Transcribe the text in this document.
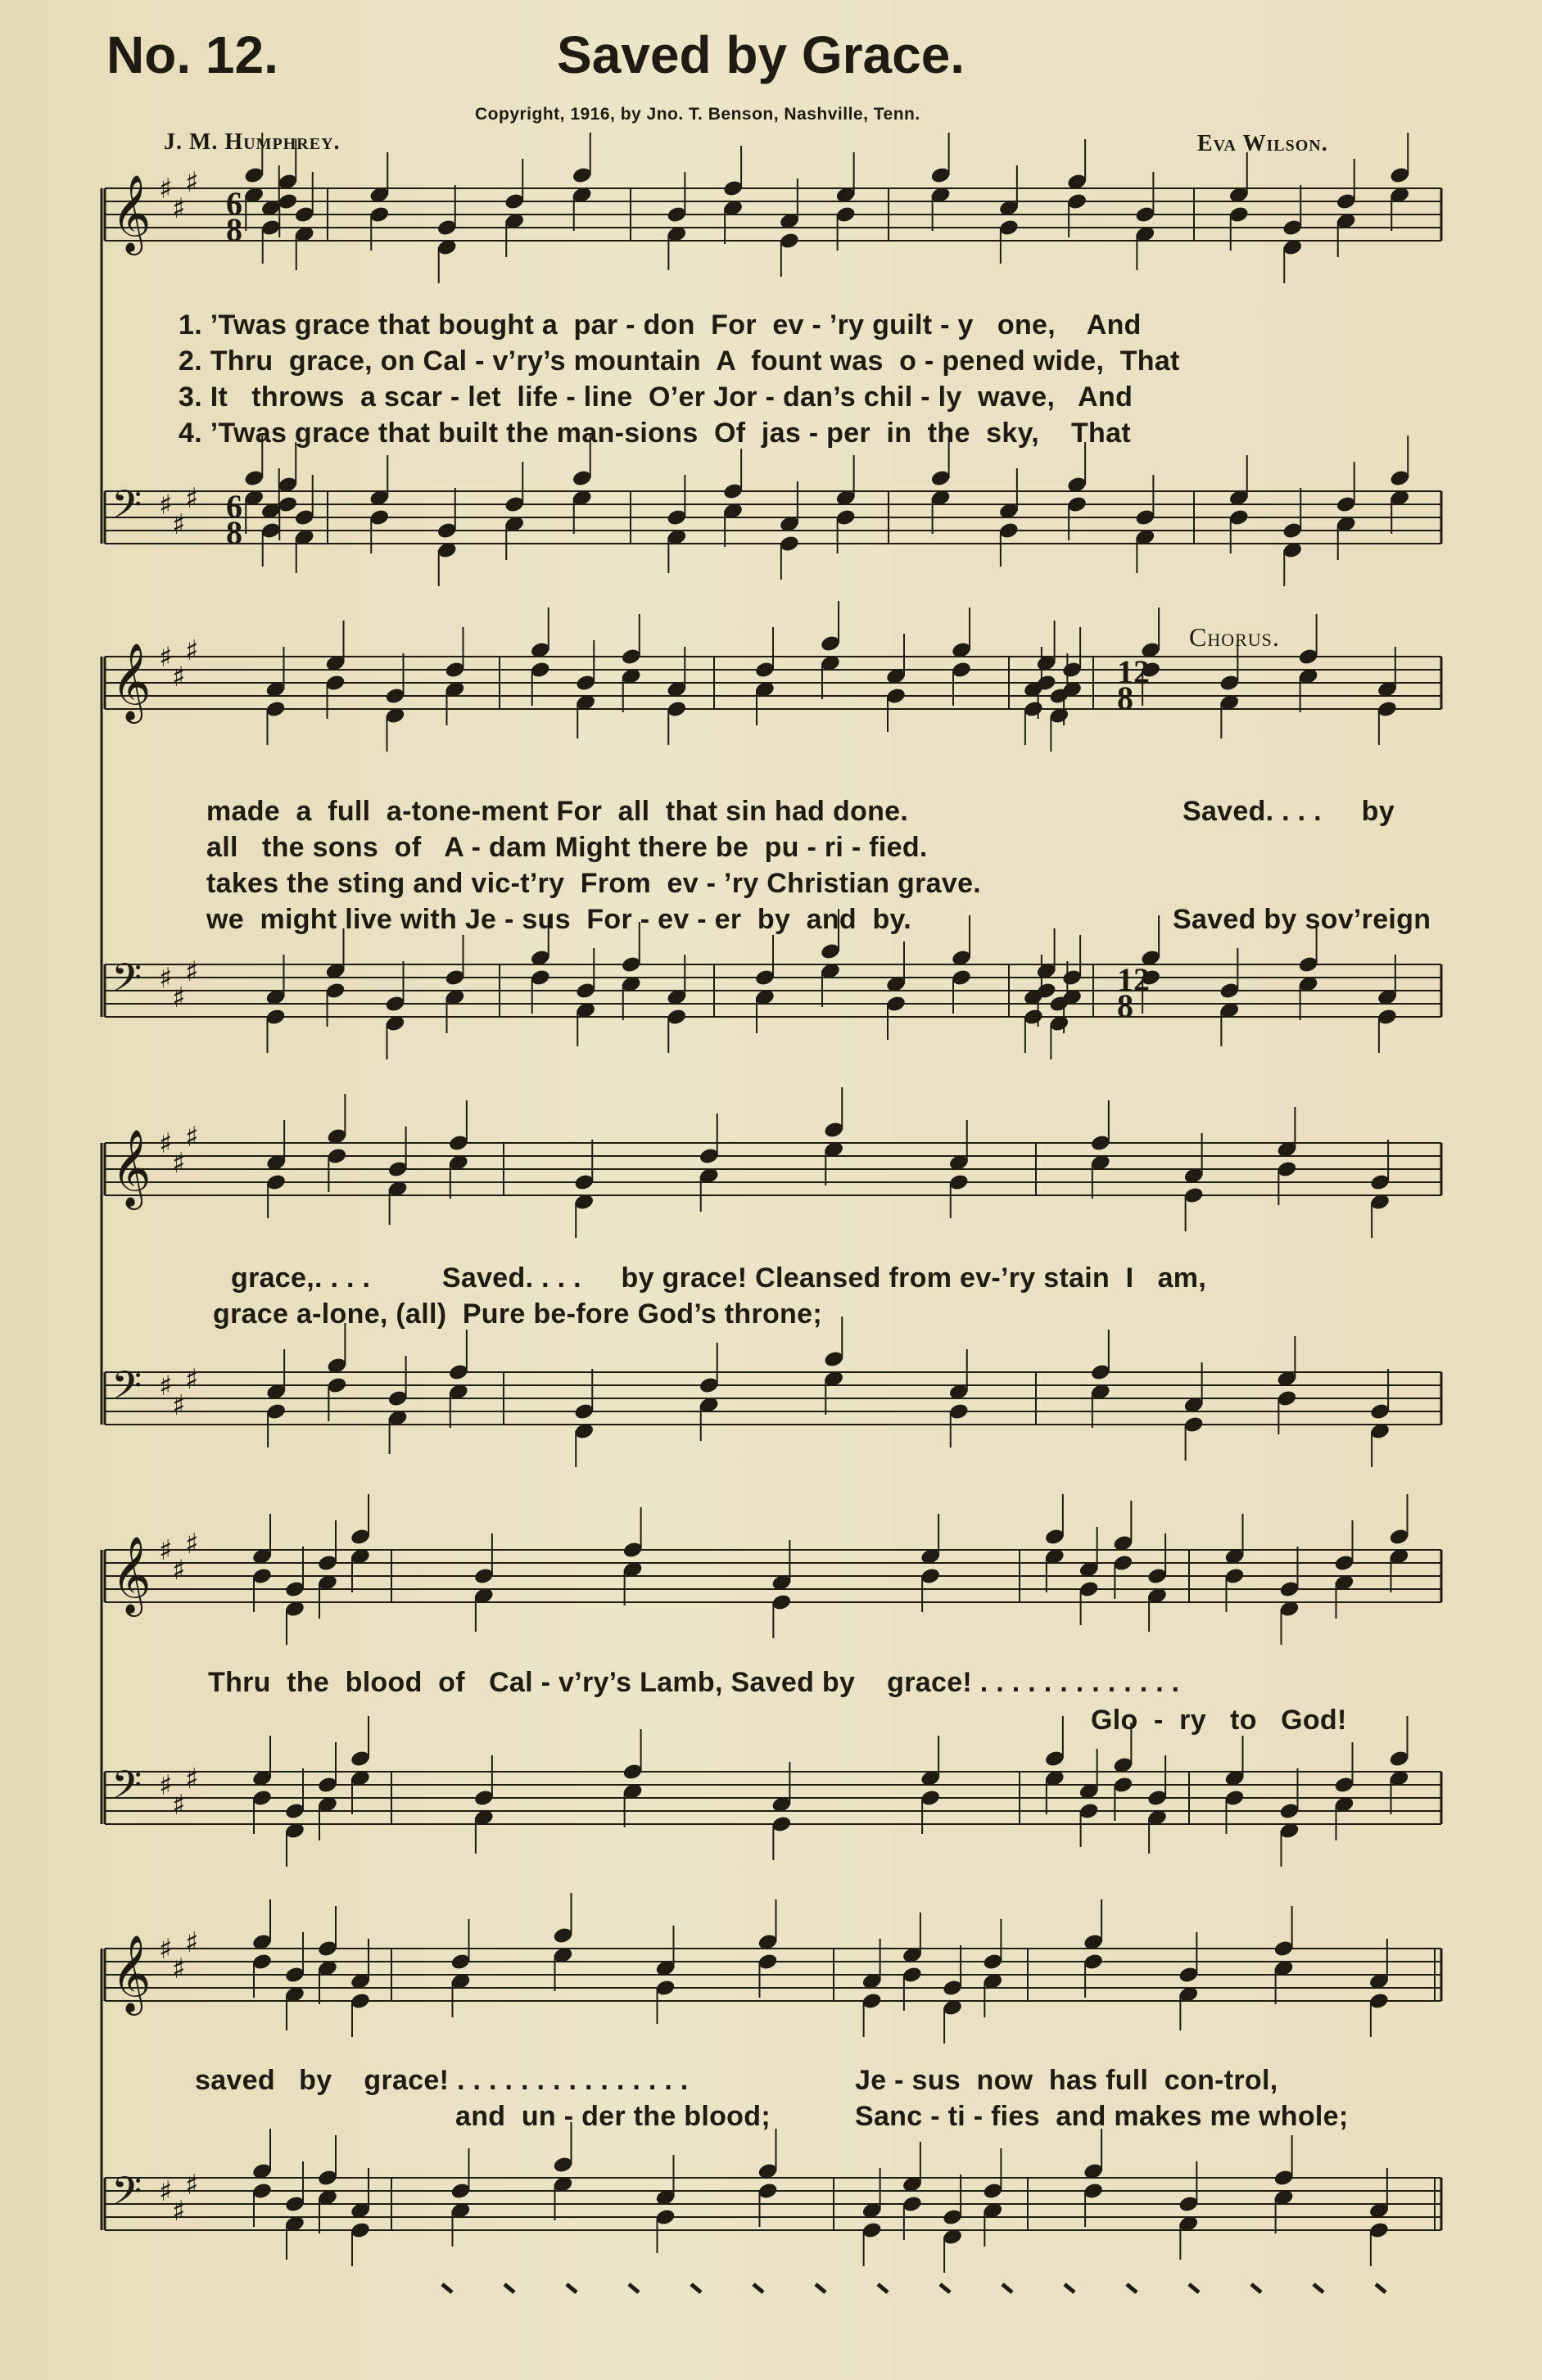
No. 12.	Saved by Grace.
Copyright, 1916, by Jno. T. Benson, Nashville, Tenn.
J. M. Humphrey.	Eva Wilson.
Chorus.
𝄞 ♯
♯
♯
𝄢 ♯
♯
♯
𝄞 ♯
♯
♯
𝄢 ♯
♯
♯
𝄞 ♯
♯
♯
𝄢 ♯
♯
♯
𝄞 ♯
♯
♯
𝄢 ♯
♯
♯
𝄞 ♯
♯
♯
𝄢 ♯
♯
♯
6
8
6
8
12
8
12
8
1. ’Twas grace that bought a  par - don  For  ev - ’ry guilt - y   one,    And
2. Thru  grace, on Cal - v’ry’s mountain  A  fount was  o - pened wide,  That
3. It   throws  a scar - let  life - line  O’er Jor - dan’s chil - ly  wave,   And
4. ’Twas grace that built the man-sions  Of  jas - per  in  the  sky,    That
made  a  full  a-tone-ment For  all  that sin had done.
all   the sons  of   A - dam Might there be  pu - ri - fied.
takes the sting and vic-t’ry  From  ev - ’ry Christian grave.
we  might live with Je - sus  For - ev - er  by  and  by.
Saved. . . .     by
Saved by sov’reign
grace,. . . .         Saved. . . .     by grace! Cleansed from ev-’ry stain  I   am,
grace a-lone, (all)  Pure be-fore God’s throne;
Thru  the  blood  of   Cal - v’ry’s Lamb, Saved by    grace! . . . . . . . . . . . . .
Glo  -  ry   to   God!
saved   by    grace! . . . . . . . . . . . . . . .
and  un - der the blood;
Je - sus  now  has full  con-trol,
Sanc - ti - fies  and makes me whole;
